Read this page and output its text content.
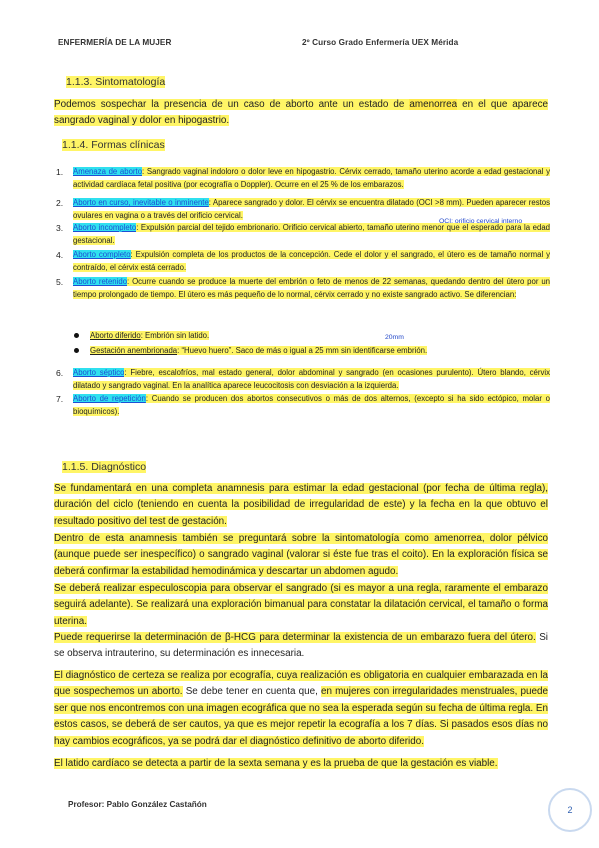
ENFERMERÍA DE LA MUJER	2º Curso Grado Enfermería UEX Mérida
1.1.3. Sintomatología
Podemos sospechar la presencia de un caso de aborto ante un estado de amenorrea en el que aparece sangrado vaginal y dolor en hipogastrio.
1.1.4. Formas clínicas
1. Amenaza de aborto: Sangrado vaginal indoloro o dolor leve en hipogastrio. Cérvix cerrado, tamaño uterino acorde a edad gestacional y actividad cardíaca fetal positiva (por ecografía o Doppler). Ocurre en el 25 % de los embarazos.
2. Aborto en curso, inevitable o inminente: Aparece sangrado y dolor. El cérvix se encuentra dilatado (OCI >8 mm). Pueden aparecer restos ovulares en vagina o a través del orificio cervical.
3. Aborto incompleto: Expulsión parcial del tejido embrionario. Orificio cervical abierto, tamaño uterino menor que el esperado para la edad gestacional.
4. Aborto completo: Expulsión completa de los productos de la concepción. Cede el dolor y el sangrado, el útero es de tamaño normal y contraído, el cérvix está cerrado.
5. Aborto retenido: Ocurre cuando se produce la muerte del embrión o feto de menos de 22 semanas, quedando dentro del útero por un tiempo prolongado de tiempo. El útero es más pequeño de lo normal, cérvix cerrado y no existe sangrado activo. Se diferencian:
OCI: orificio cervical interno
20mm
Aborto diferido: Embrión sin latido.
Gestación anembrionada: “Huevo huero”. Saco de más o igual a 25 mm sin identificarse embrión.
6. Aborto séptico: Fiebre, escalofríos, mal estado general, dolor abdominal y sangrado (en ocasiones purulento). Útero blando, cérvix dilatado y sangrado vaginal. En la analítica aparece leucocitosis con desviación a la izquierda.
7. Aborto de repetición: Cuando se producen dos abortos consecutivos o más de dos alternos, (excepto si ha sido ectópico, molar o bioquímicos).
1.1.5. Diagnóstico
Se fundamentará en una completa anamnesis para estimar la edad gestacional (por fecha de última regla), duración del ciclo (teniendo en cuenta la posibilidad de irregularidad de este) y la fecha en la que obtuvo el resultado positivo del test de gestación.
Dentro de esta anamnesis también se preguntará sobre la sintomatología como amenorrea, dolor pélvico (aunque puede ser inespecífico) o sangrado vaginal (valorar si éste fue tras el coito). En la exploración física se deberá confirmar la estabilidad hemodinámica y descartar un abdomen agudo.
Se deberá realizar especuloscopia para observar el sangrado (si es mayor a una regla, raramente el embarazo seguirá adelante). Se realizará una exploración bimanual para constatar la dilatación cervical, el tamaño o forma uterina.
Puede requerirse la determinación de β-HCG para determinar la existencia de un embarazo fuera del útero. Si se observa intrauterino, su determinación es innecesaria.
El diagnóstico de certeza se realiza por ecografía, cuya realización es obligatoria en cualquier embarazada en la que sospechemos un aborto. Se debe tener en cuenta que, en mujeres con irregularidades menstruales, puede ser que nos encontremos con una imagen ecográfica que no sea la esperada según su fecha de última regla. En estos casos, se deberá de ser cautos, ya que es mejor repetir la ecografía a los 7 días. Si pasados esos días no hay cambios ecográficos, ya se podrá dar el diagnóstico definitivo de aborto diferido.
El latido cardíaco se detecta a partir de la sexta semana y es la prueba de que la gestación es viable.
Profesor: Pablo González Castañón
2
